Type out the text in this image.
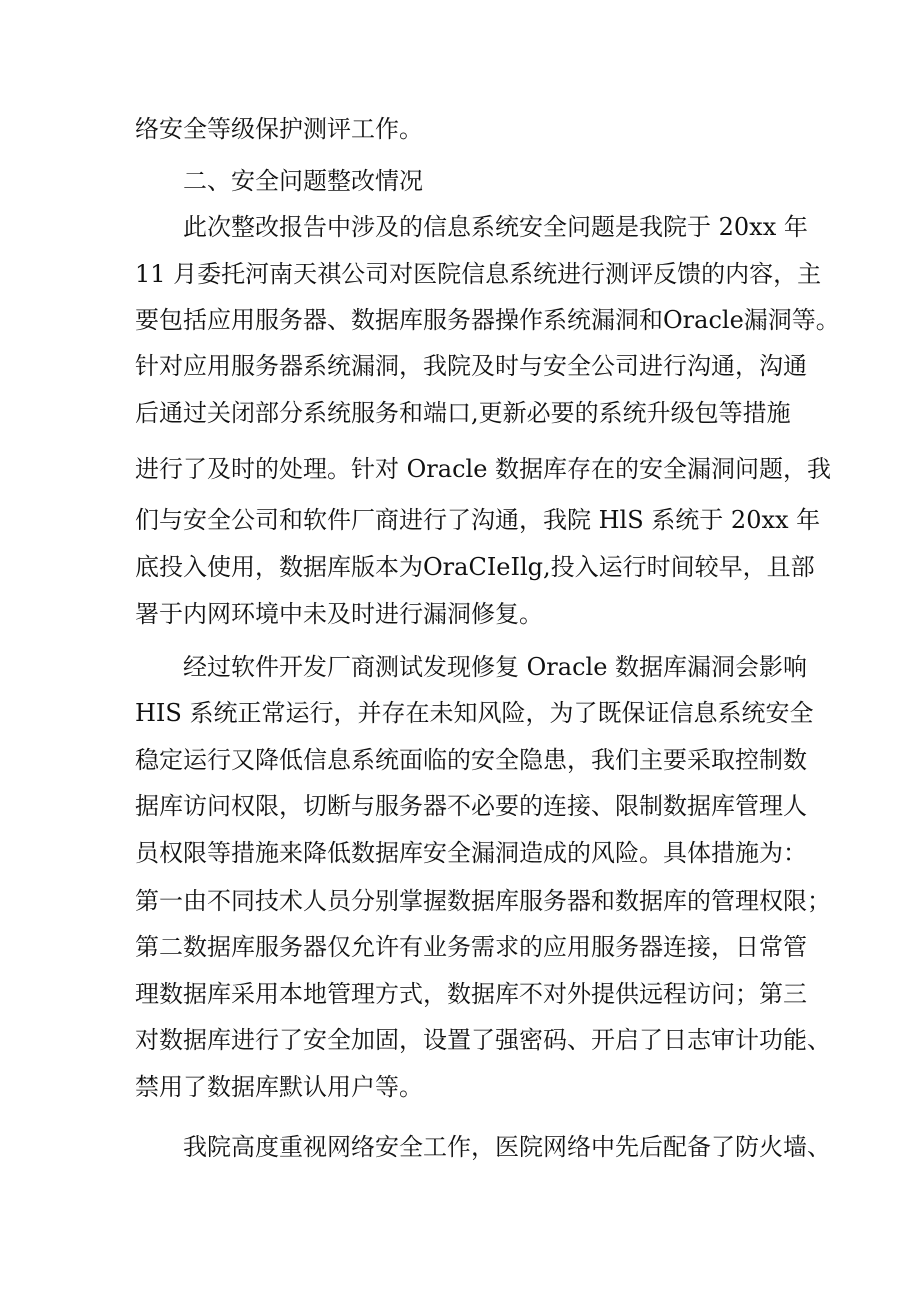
络安全等级保护测评工作。
二、安全问题整改情况
此次整改报告中涉及的信息系统安全问题是我院于 20xx 年
11 月委托河南天祺公司对医院信息系统进行测评反馈的内容，主
要包括应用服务器、数据库服务器操作系统漏洞和Oracle漏洞等。
针对应用服务器系统漏洞，我院及时与安全公司进行沟通，沟通
后通过关闭部分系统服务和端口,更新必要的系统升级包等措施
进行了及时的处理。针对 Oracle 数据库存在的安全漏洞问题，我
们与安全公司和软件厂商进行了沟通，我院 HlS 系统于 20xx 年
底投入使用，数据库版本为OraCIeIlg,投入运行时间较早，且部
署于内网环境中未及时进行漏洞修复。
经过软件开发厂商测试发现修复 Oracle 数据库漏洞会影响
HIS 系统正常运行，并存在未知风险，为了既保证信息系统安全
稳定运行又降低信息系统面临的安全隐患，我们主要采取控制数
据库访问权限，切断与服务器不必要的连接、限制数据库管理人
员权限等措施来降低数据库安全漏洞造成的风险。具体措施为：
第一由不同技术人员分别掌握数据库服务器和数据库的管理权限；
第二数据库服务器仅允许有业务需求的应用服务器连接，日常管
理数据库采用本地管理方式，数据库不对外提供远程访问；第三
对数据库进行了安全加固，设置了强密码、开启了日志审计功能、
禁用了数据库默认用户等。
我院高度重视网络安全工作，医院网络中先后配备了防火墙、
